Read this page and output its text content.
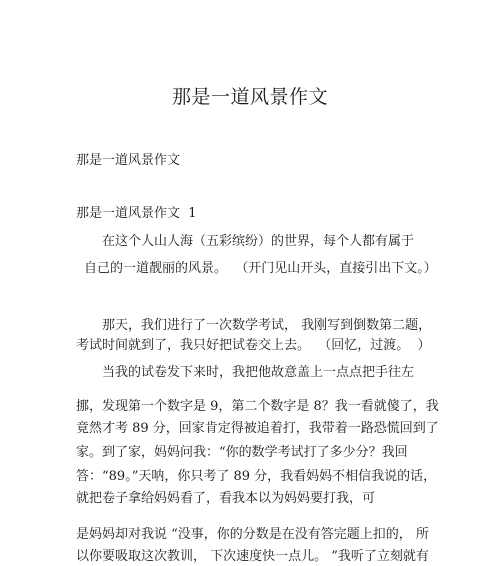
那是一道风景作文
那是一道风景作文
那是一道风景作文  1
在这个人山人海（五彩缤纷）的世界，每个人都有属于
自己的一道靓丽的风景。  （开门见山开头，直接引出下文。）
那天，我们进行了一次数学考试， 我刚写到倒数第二题，
考试时间就到了，我只好把试卷交上去。  （回忆，过渡。  ）
当我的试卷发下来时，我把他故意盖上一点点把手往左
挪，发现第一个数字是 9，第二个数字是 8？我一看就傻了，我
竟然才考 89 分，回家肯定得被追着打，我带着一路恐慌回到了
家。到了家，妈妈问我：“你的数学考试打了多少分？我回
答：“89。”天呐，你只考了 89 分，我看妈妈不相信我说的话，
就把卷子拿给妈妈看了，看我本以为妈妈要打我，可
是妈妈却对我说 “没事，你的分数是在没有答完题上扣的， 所
以你要吸取这次教训， 下次速度快一点儿。 ”我听了立刻就有
